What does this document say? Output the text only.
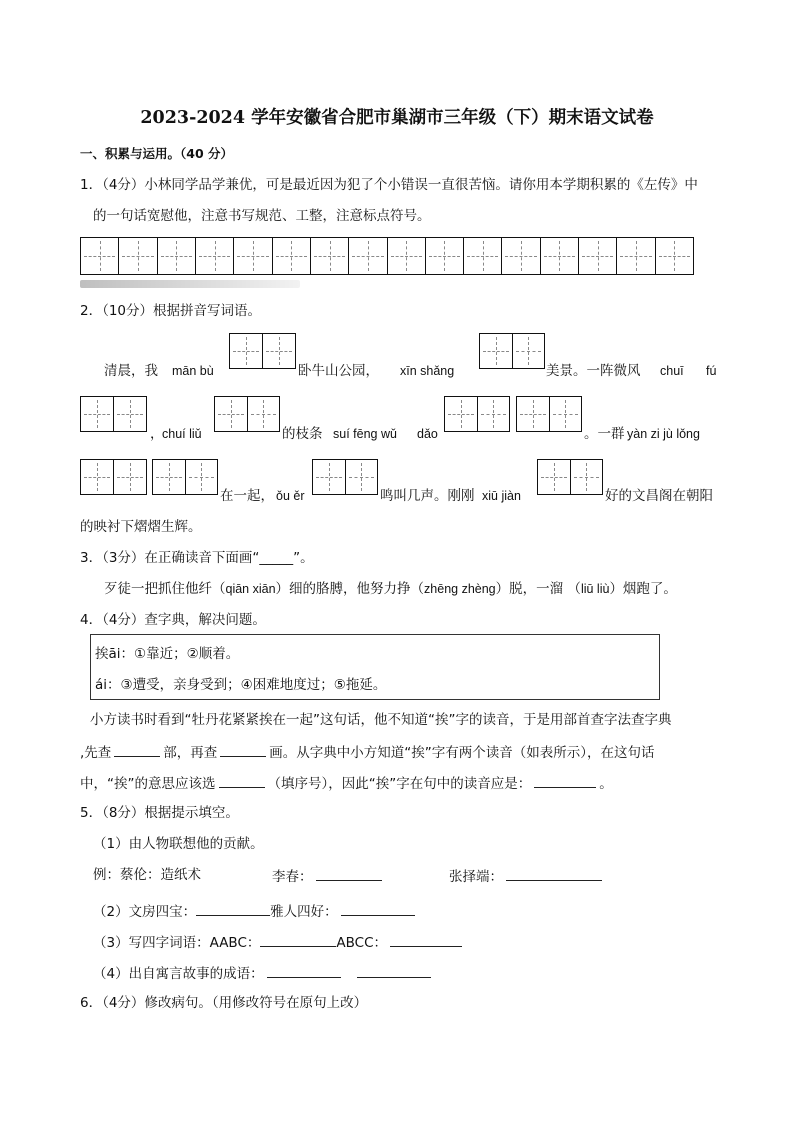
2023-2024 学年安徽省合肥市巢湖市三年级（下）期末语文试卷
一、积累与运用。（40 分）
1．（4分）小林同学品学兼优，可是最近因为犯了个小错误一直很苦恼。请你用本学期积累的《左传》中
的一句话宽慰他，注意书写规范、工整，注意标点符号。
2．（10分）根据拼音写词语。
清晨，我 mān bù	卧牛山公园， xīn shǎng	美景。一阵微风 chuī fú
，
chuí liǔ	的枝条 suí fēng wǔ dǎo	。一群 yàn zi jù lǒng
在一起， ǒu ěr	鸣叫几声。刚刚 xiū jiàn	好的文昌阁在朝阳
的映衬下熠熠生辉。
3．（3分）在正确读音下面画“_____”。
歹徒一把抓住他纤（qiān xiān）细的胳膊，他努力挣（zhēng zhèng）脱，一溜 （liū liù）烟跑了。
4．（4分）查字典，解决问题。
挨āi：①靠近；②顺着。
ái：③遭受，亲身受到；④困难地度过；⑤拖延。
小方读书时看到“牡丹花紧紧挨在一起”这句话，他不知道“挨”字的读音，于是用部首查字法查字典
,先查	部，再查	画。从字典中小方知道“挨”字有两个读音（如表所示），在这句话
中，“挨”的意思应该选	（填序号），因此“挨”字在句中的读音应是：	。
5．（8分）根据提示填空。
（1）由人物联想他的贡献。
例：蔡伦：造纸术	李春：	张择端：
（2）文房四宝：	雅人四好：
（3）写四字词语：AABC：	ABCC：
（4）出自寓言故事的成语：
6．（4分）修改病句。（用修改符号在原句上改）
